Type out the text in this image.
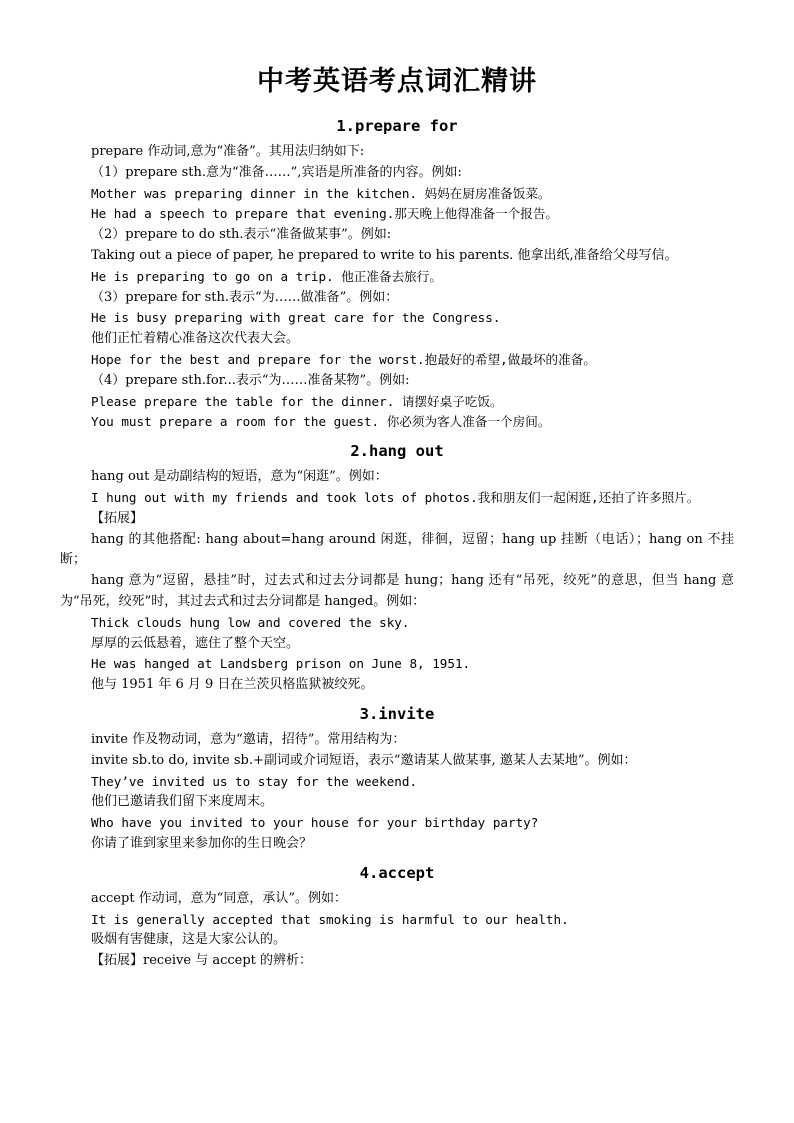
中考英语考点词汇精讲
1.prepare for

prepare 作动词,意为“准备”。其用法归纳如下:

（1）prepare sth.意为“准备……”,宾语是所准备的内容。例如:

Mother was preparing dinner in the kitchen. 妈妈在厨房准备饭菜。

He had a speech to prepare that evening.那天晚上他得准备一个报告。

（2）prepare to do sth.表示“准备做某事”。例如:

Taking out a piece of paper, he prepared to write to his parents. 他拿出纸,准备给父母写信。

He is preparing to go on a trip. 他正准备去旅行。

（3）prepare for sth.表示“为……做准备”。例如：

He is busy preparing with great care for the Congress.

他们正忙着精心准备这次代表大会。

Hope for the best and prepare for the worst.抱最好的希望,做最坏的准备。

（4）prepare sth.for...表示“为……准备某物”。例如:

Please prepare the table for the dinner. 请摆好桌子吃饭。

You must prepare a room for the guest. 你必须为客人准备一个房间。

2.hang out

hang out 是动副结构的短语，意为“闲逛”。例如：

I hung out with my friends and took lots of photos.我和朋友们一起闲逛,还拍了许多照片。

【拓展】

hang 的其他搭配: hang about=hang around 闲逛，徘徊，逗留；hang up 挂断（电话）；hang on 不挂断；

hang 意为“逗留，悬挂”时，过去式和过去分词都是 hung；hang 还有“吊死，绞死”的意思，但当 hang 意为“吊死，绞死”时，其过去式和过去分词都是 hanged。例如：

Thick clouds hung low and covered the sky.

厚厚的云低悬着，遮住了整个天空。

He was hanged at Landsberg prison on June 8, 1951.

他与 1951 年 6 月 9 日在兰茨贝格监狱被绞死。

3.invite

invite 作及物动词，意为“邀请，招待”。常用结构为：

invite sb.to do, invite sb.+副词或介词短语，表示“邀请某人做某事, 邀某人去某地”。例如：

They’ve invited us to stay for the weekend.

他们已邀请我们留下来度周末。

Who have you invited to your house for your birthday party?

你请了谁到家里来参加你的生日晚会？

4.accept

accept 作动词，意为“同意，承认”。例如：

It is generally accepted that smoking is harmful to our health.

吸烟有害健康，这是大家公认的。

【拓展】receive 与 accept 的辨析：
